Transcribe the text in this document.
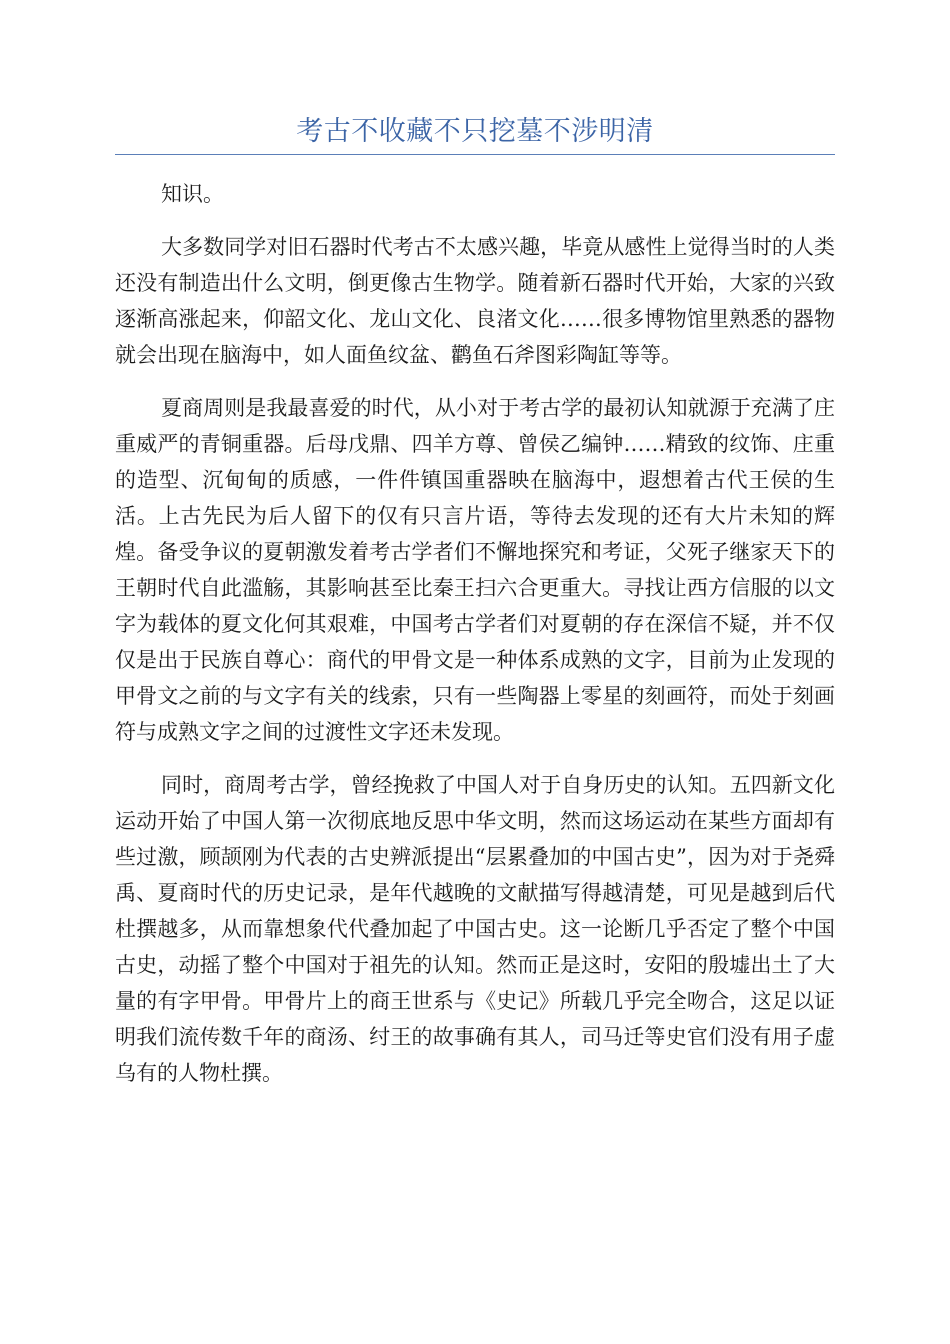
考古不收藏不只挖墓不涉明清

知识。

大多数同学对旧石器时代考古不太感兴趣，毕竟从感性上觉得当时的人类还没有制造出什么文明，倒更像古生物学。随着新石器时代开始，大家的兴致逐渐高涨起来，仰韶文化、龙山文化、良渚文化……很多博物馆里熟悉的器物就会出现在脑海中，如人面鱼纹盆、鹳鱼石斧图彩陶缸等等。

夏商周则是我最喜爱的时代，从小对于考古学的最初认知就源于充满了庄重威严的青铜重器。后母戊鼎、四羊方尊、曾侯乙编钟……精致的纹饰、庄重的造型、沉甸甸的质感，一件件镇国重器映在脑海中，遐想着古代王侯的生活。上古先民为后人留下的仅有只言片语，等待去发现的还有大片未知的辉煌。备受争议的夏朝激发着考古学者们不懈地探究和考证，父死子继家天下的王朝时代自此滥觞，其影响甚至比秦王扫六合更重大。寻找让西方信服的以文字为载体的夏文化何其艰难，中国考古学者们对夏朝的存在深信不疑，并不仅仅是出于民族自尊心：商代的甲骨文是一种体系成熟的文字，目前为止发现的甲骨文之前的与文字有关的线索，只有一些陶器上零星的刻画符，而处于刻画符与成熟文字之间的过渡性文字还未发现。

同时，商周考古学，曾经挽救了中国人对于自身历史的认知。五四新文化运动开始了中国人第一次彻底地反思中华文明，然而这场运动在某些方面却有些过激，顾颉刚为代表的古史辨派提出“层累叠加的中国古史”，因为对于尧舜禹、夏商时代的历史记录，是年代越晚的文献描写得越清楚，可见是越到后代杜撰越多，从而靠想象代代叠加起了中国古史。这一论断几乎否定了整个中国古史，动摇了整个中国对于祖先的认知。然而正是这时，安阳的殷墟出土了大量的有字甲骨。甲骨片上的商王世系与《史记》所载几乎完全吻合，这足以证明我们流传数千年的商汤、纣王的故事确有其人，司马迁等史官们没有用子虚乌有的人物杜撰。
